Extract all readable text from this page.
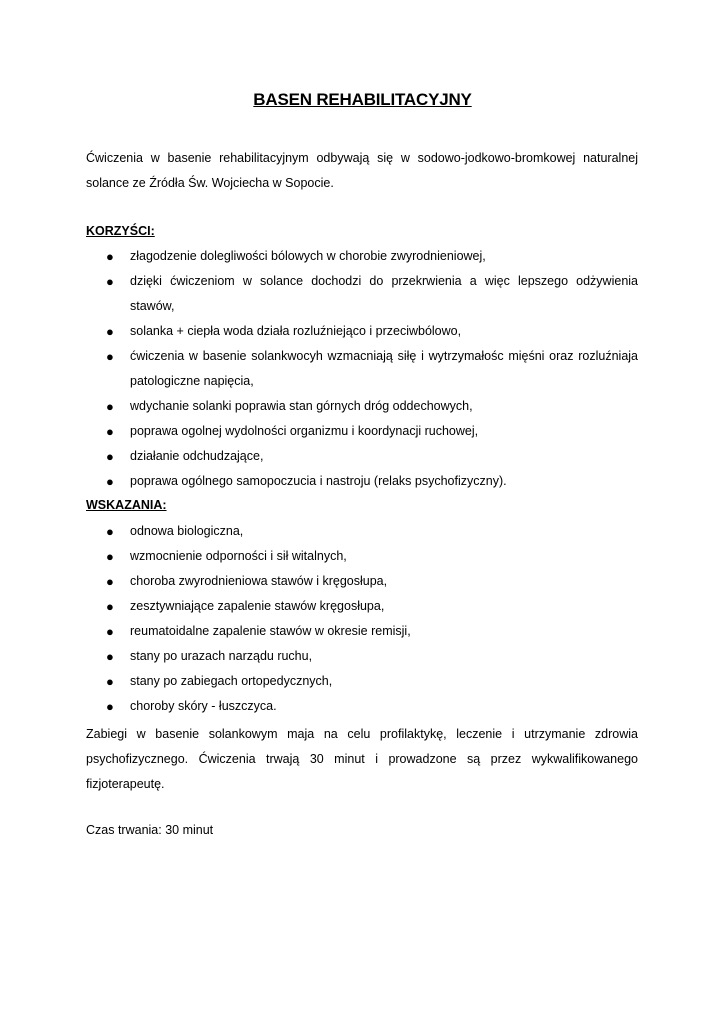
BASEN REHABILITACYJNY
Ćwiczenia w basenie rehabilitacyjnym odbywają się w sodowo-jodkowo-bromkowej naturalnej solance ze Źródła Św. Wojciecha w Sopocie.
KORZYŚCI:
● złagodzenie dolegliwości bólowych w chorobie zwyrodnieniowej,
● dzięki ćwiczeniom w solance dochodzi do przekrwienia a więc lepszego odżywienia stawów,
● solanka + ciepła woda działa rozluźniejąco i przeciwbólowo,
● ćwiczenia w basenie solankwocyh wzmacniają siłę i wytrzymałośc mięśni oraz rozluźniaja patologiczne napięcia,
● wdychanie solanki poprawia stan górnych dróg oddechowych,
● poprawa ogolnej wydolności organizmu i koordynacji ruchowej,
● działanie odchudzające,
● poprawa ogólnego samopoczucia i nastroju (relaks psychofizyczny).
WSKAZANIA:
● odnowa biologiczna,
● wzmocnienie odporności i sił witalnych,
● choroba zwyrodnieniowa stawów i kręgosłupa,
● zesztywniające zapalenie stawów kręgosłupa,
● reumatoidalne zapalenie stawów w okresie remisji,
● stany po urazach narządu ruchu,
● stany po zabiegach ortopedycznych,
● choroby skóry - łuszczyca.
Zabiegi w basenie solankowym maja na celu profilaktykę, leczenie i utrzymanie zdrowia psychofizycznego. Ćwiczenia trwają 30 minut i prowadzone są przez wykwalifikowanego fizjoterapeutę.
Czas trwania: 30 minut
